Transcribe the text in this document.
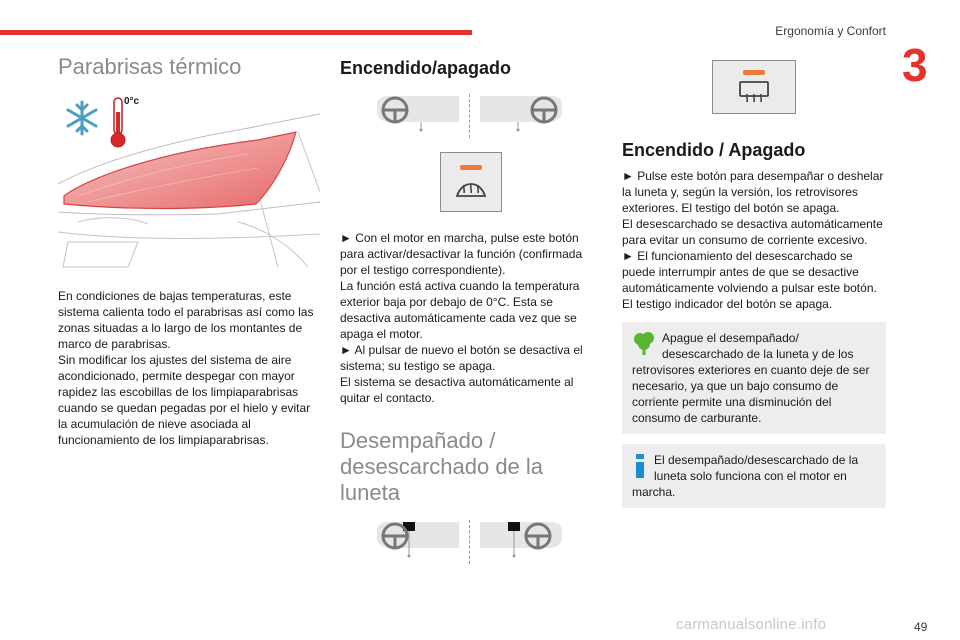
Ergonomía y Confort
3
Parabrisas térmico
0°c

En condiciones de bajas temperaturas, este sistema calienta todo el parabrisas así como las zonas situadas a lo largo de los montantes de marco de parabrisas.

Sin modificar los ajustes del sistema de aire acondicionado, permite despegar con mayor rapidez las escobillas de los limpiaparabrisas cuando se quedan pegadas por el hielo y evitar la acumulación de nieve asociada al funcionamiento de los limpiaparabrisas.

Encendido/apagado

► Con el motor en marcha, pulse este botón para activar/desactivar la función (confirmada por el testigo correspondiente).

La función está activa cuando la temperatura exterior baja por debajo de 0°C. Esta se desactiva automáticamente cada vez que se apaga el motor.

► Al pulsar de nuevo el botón se desactiva el sistema; su testigo se apaga.

El sistema se desactiva automáticamente al quitar el contacto.

Desempañado / desescarchado de la luneta
Encendido / Apagado

► Pulse este botón para desempañar o deshelar la luneta y, según la versión, los retrovisores exteriores. El testigo del botón se apaga.

El desescarchado se desactiva automáticamente para evitar un consumo de corriente excesivo.

► El funcionamiento del desescarchado se puede interrumpir antes de que se desactive automáticamente volviendo a pulsar este botón. El testigo indicador del botón se apaga.

Apague el desempañado/ desescarchado de la luneta y de los retrovisores exteriores en cuanto deje de ser necesario, ya que un bajo consumo de corriente permite una disminución del consumo de carburante.
El desempañado/desescarchado de la luneta solo funciona con el motor en marcha.
carmanualsonline.info	49
